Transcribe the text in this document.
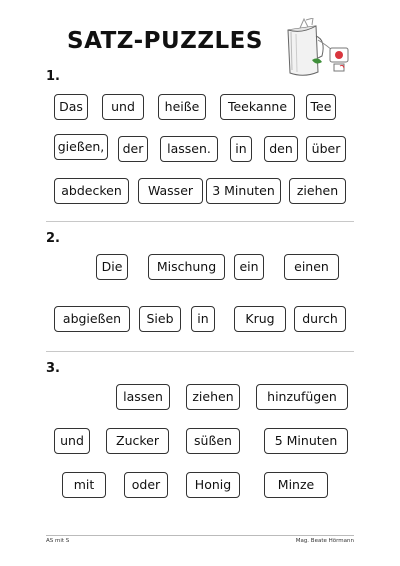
SATZ-PUZZLES
1.
Das	und	heiße	Teekanne	Tee
gießen,	der	lassen.	in	den	über
abdecken	Wasser	3 Minuten	ziehen
2.
Die	Mischung	ein	einen
abgießen	Sieb	in	Krug	durch
3.
lassen	ziehen	hinzufügen
und	Zucker	süßen	5 Minuten
mit	oder	Honig	Minze
AS mit S	Mag. Beate Hörmann
